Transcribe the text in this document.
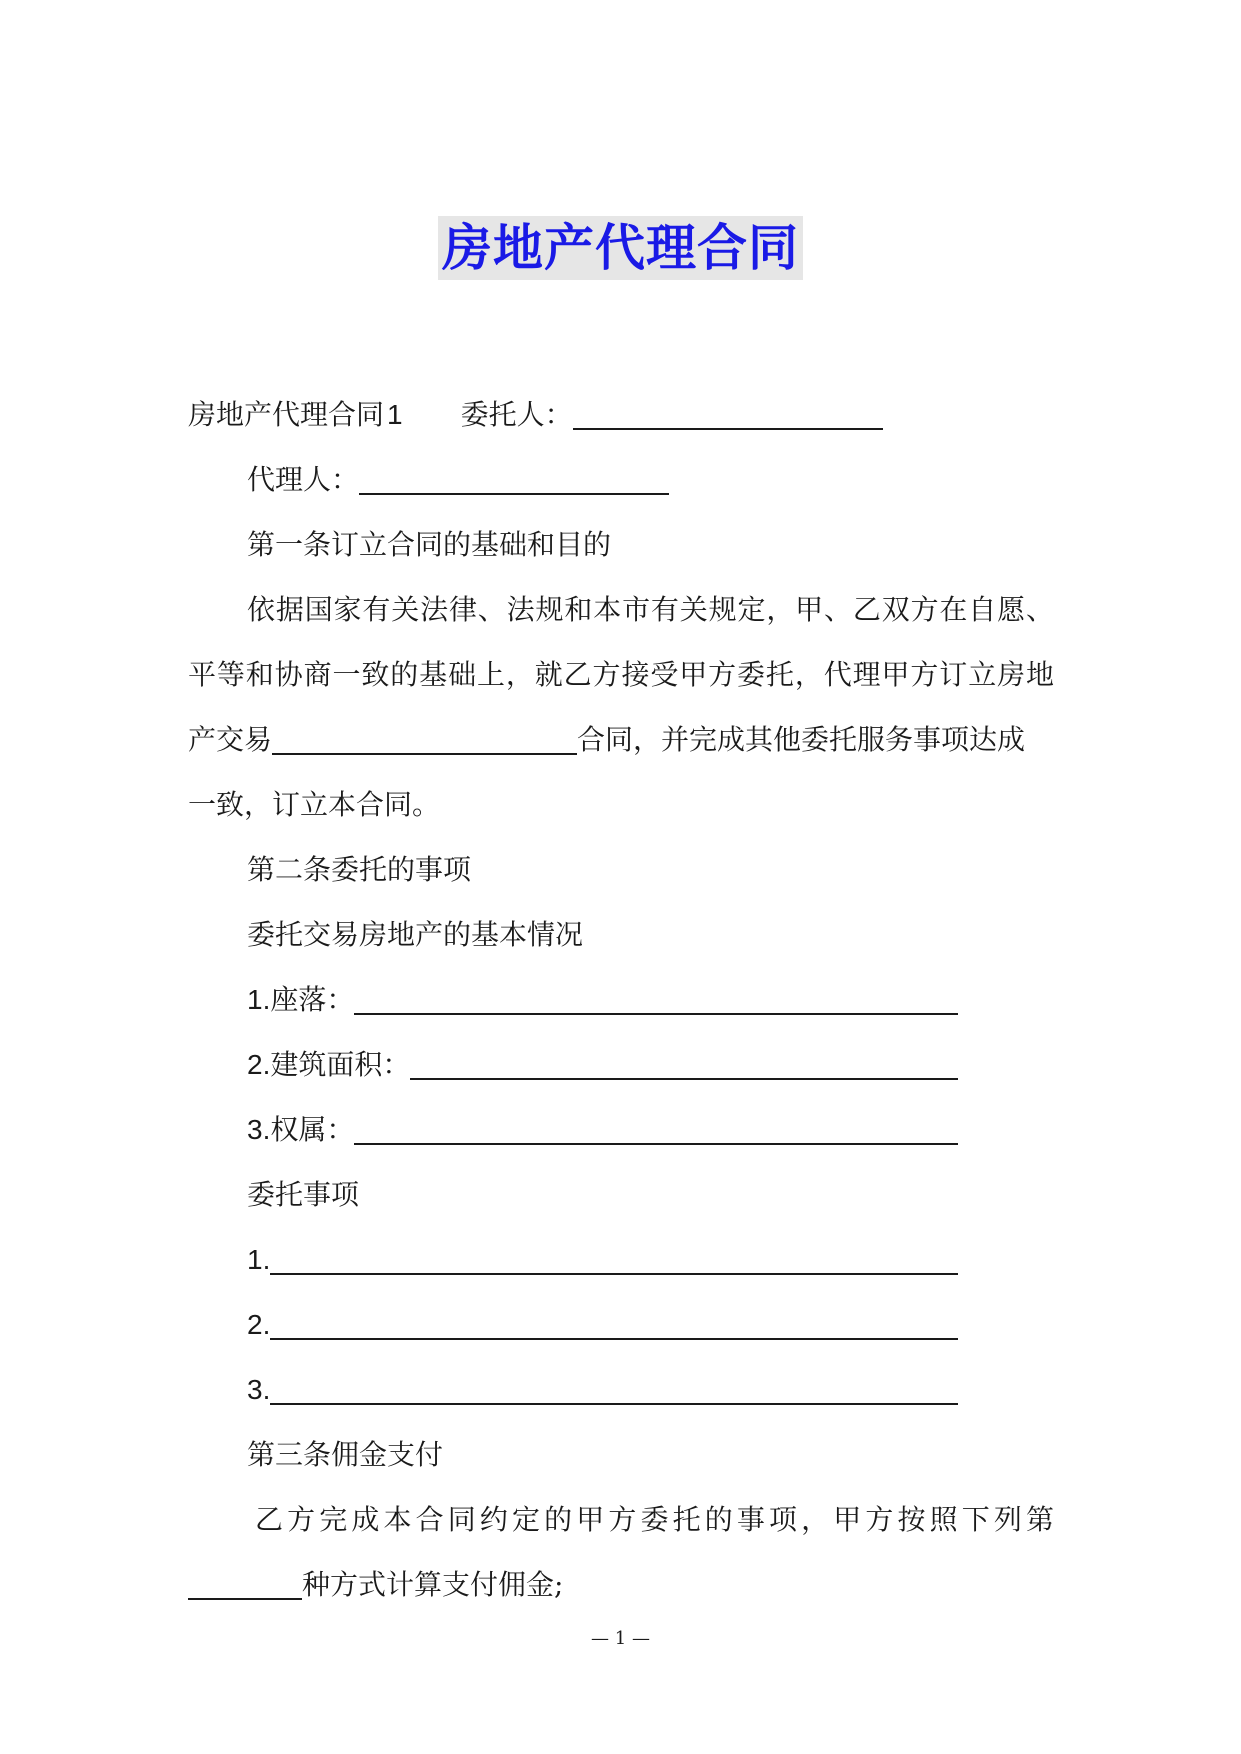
房地产代理合同
房地产代理合同 1 委托人：
代理人：
第一条订立合同的基础和目的
依据国家有关法律、法规和本市有关规定，甲、乙双方在自愿、
平等和协商一致的基础上，就乙方接受甲方委托，代理甲方订立房地
产交易	合同，并完成其他委托服务事项达成
一致，订立本合同。
第二条委托的事项
委托交易房地产的基本情况
1.座落：
2.建筑面积：
3.权属：
委托事项
1.
2.
3.
第三条佣金支付
乙方完成本合同约定的甲方委托的事项，甲方按照下列第
种方式计算支付佣金;
— 1 —
